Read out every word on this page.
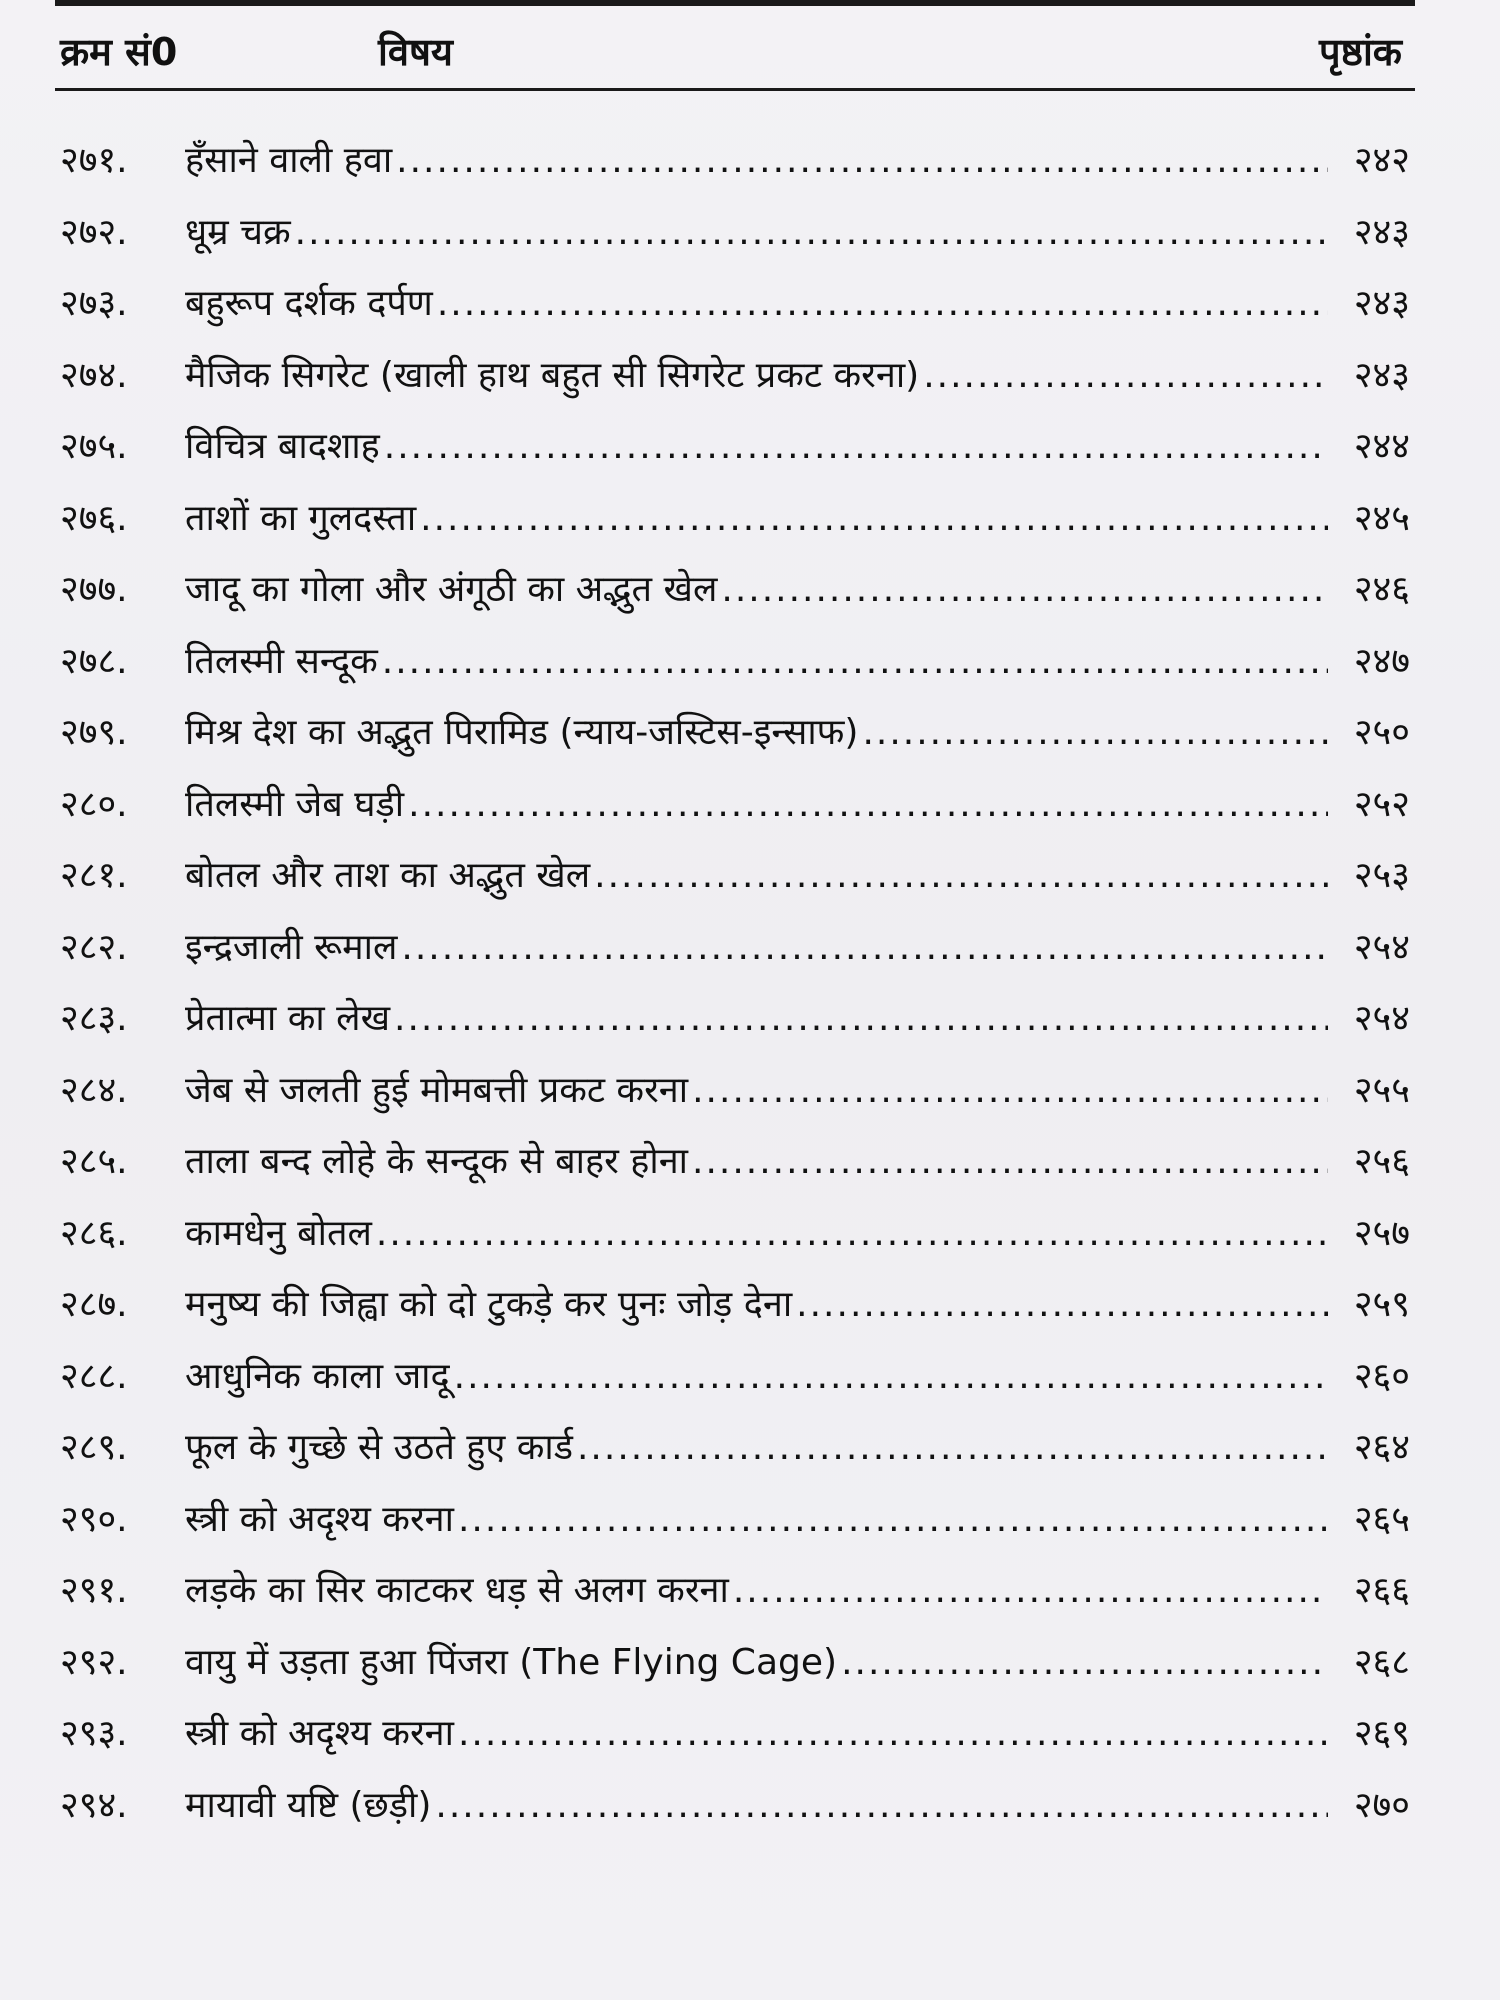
क्रम सं0	विषय	पृष्ठांक
२७१.	हँसाने वाली हवा .....	२४२
२७२.	धूम्र चक्र .....	२४३
२७३.	बहुरूप दर्शक दर्पण .....	२४३
२७४.	मैजिक सिगरेट (खाली हाथ बहुत सी सिगरेट प्रकट करना) .....	२४३
२७५.	विचित्र बादशाह .....	२४४
२७६.	ताशों का गुलदस्ता .....	२४५
२७७.	जादू का गोला और अंगूठी का अद्भुत खेल .....	२४६
२७८.	तिलस्मी सन्दूक .....	२४७
२७९.	मिश्र देश का अद्भुत पिरामिड (न्याय-जस्टिस-इन्साफ) .....	२५०
२८०.	तिलस्मी जेब घड़ी .....	२५२
२८१.	बोतल और ताश का अद्भुत खेल .....	२५३
२८२.	इन्द्रजाली रूमाल .....	२५४
२८३.	प्रेतात्मा का लेख .....	२५४
२८४.	जेब से जलती हुई मोमबत्ती प्रकट करना .....	२५५
२८५.	ताला बन्द लोहे के सन्दूक से बाहर होना .....	२५६
२८६.	कामधेनु बोतल .....	२५७
२८७.	मनुष्य की जिह्वा को दो टुकड़े कर पुनः जोड़ देना .....	२५९
२८८.	आधुनिक काला जादू .....	२६०
२८९.	फूल के गुच्छे से उठते हुए कार्ड .....	२६४
२९०.	स्त्री को अदृश्य करना .....	२६५
२९१.	लड़के का सिर काटकर धड़ से अलग करना .....	२६६
२९२.	वायु में उड़ता हुआ पिंजरा (The Flying Cage) .....	२६८
२९३.	स्त्री को अदृश्य करना .....	२६९
२९४.	मायावी यष्टि (छड़ी) .....	२७०
